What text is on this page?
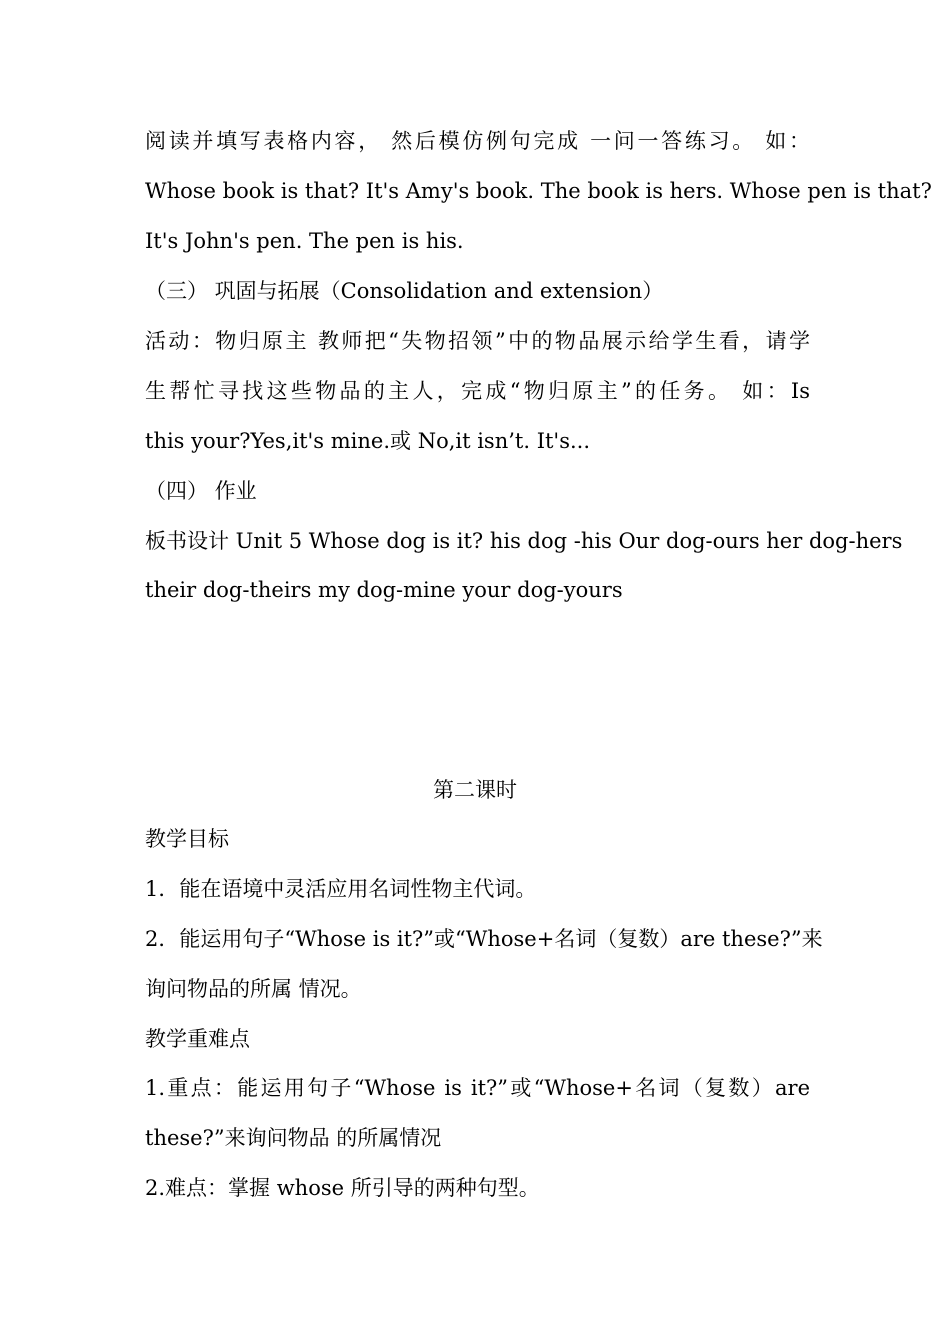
阅读并填写表格内容， 然后模仿例句完成 一问一答练习。 如：
Whose book is that? It's Amy's book. The book is hers. Whose pen is that?
It's John's pen. The pen is his.
（三） 巩固与拓展（Consolidation and extension）
活动：物归原主 教师把“失物招领”中的物品展示给学生看，请学
生帮忙寻找这些物品的主人，完成“物归原主”的任务。 如：Is
this your?Yes,it's mine.或 No,it isn’t. It's...
（四） 作业
板书设计 Unit 5 Whose dog is it? his dog -his Our dog-ours her dog-hers
their dog-theirs my dog-mine your dog-yours
第二课时
教学目标
1．能在语境中灵活应用名词性物主代词。
2．能运用句子“Whose is it?”或“Whose+名词（复数）are these?”来
询问物品的所属 情况。
教学重难点
1.重点：能运用句子“Whose is it?”或“Whose+名词（复数）are
these?”来询问物品 的所属情况
2.难点：掌握 whose 所引导的两种句型。
